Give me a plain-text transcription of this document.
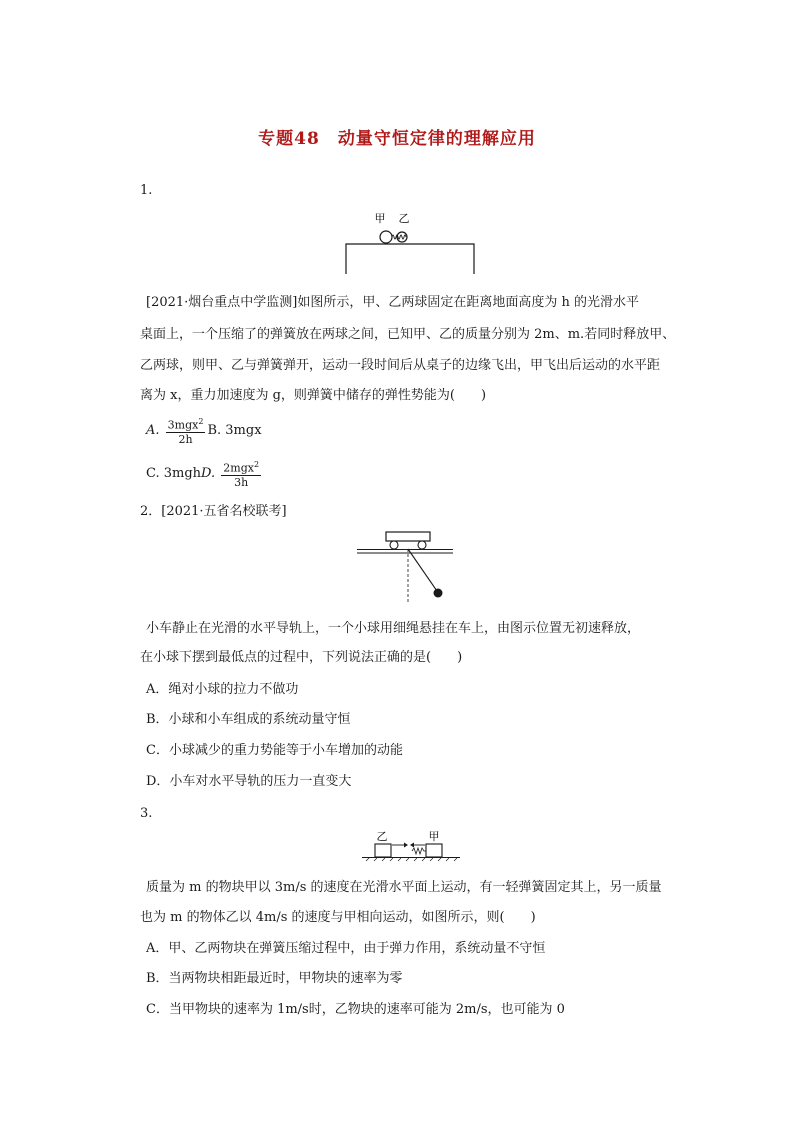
专题48　动量守恒定律的理解应用
1.
甲 乙
[2021·烟台重点中学监测]如图所示，甲、乙两球固定在距离地面高度为 h 的光滑水平
桌面上，一个压缩了的弹簧放在两球之间，已知甲、乙的质量分别为 2m、m.若同时释放甲、
乙两球，则甲、乙与弹簧弹开，运动一段时间后从桌子的边缘飞出，甲飞出后运动的水平距
离为 x，重力加速度为 g，则弹簧中储存的弹性势能为(　　)
A. $\frac{3mgx^2}{2h} B$. 3mgx
C. 3mghD. $\frac{2mgx^2}{3h}$
2．[2021·五省名校联考]
小车静止在光滑的水平导轨上，一个小球用细绳悬挂在车上，由图示位置无初速释放，
在小球下摆到最低点的过程中，下列说法正确的是(　　)
A．绳对小球的拉力不做功
B．小球和小车组成的系统动量守恒
C．小球减少的重力势能等于小车增加的动能
D．小车对水平导轨的压力一直变大
3.
乙	甲
质量为 m 的物块甲以 3m/s 的速度在光滑水平面上运动，有一轻弹簧固定其上，另一质量
也为 m 的物体乙以 4m/s 的速度与甲相向运动，如图所示，则(　　)
A．甲、乙两物块在弹簧压缩过程中，由于弹力作用，系统动量不守恒
B．当两物块相距最近时，甲物块的速率为零
C．当甲物块的速率为 1m/s时，乙物块的速率可能为 2m/s，也可能为 0
